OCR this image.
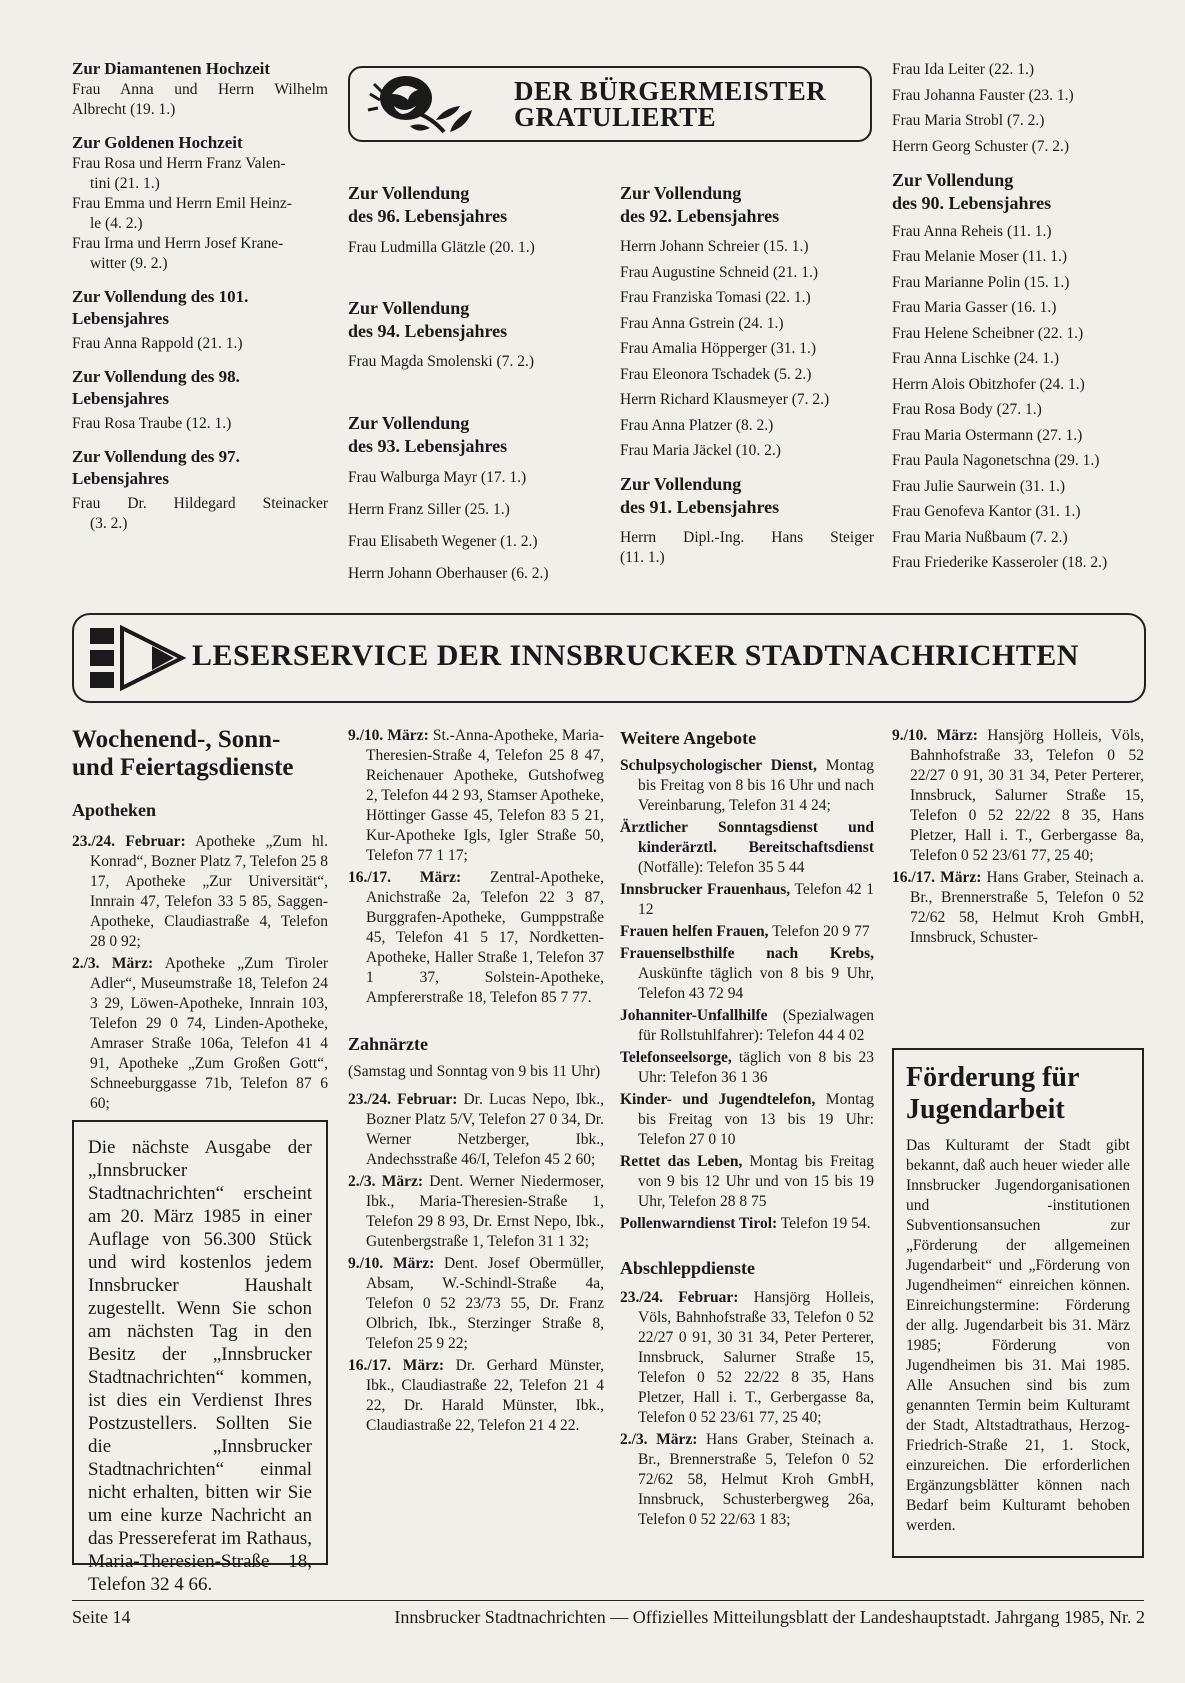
Zur Diamantenen Hochzeit
Frau Anna und Herrn Wilhelm
Albrecht (19. 1.)
Zur Goldenen Hochzeit
Frau Rosa und Herrn Franz Valen-
tini (21. 1.)
Frau Emma und Herrn Emil Heinz-
le (4. 2.)
Frau Irma und Herrn Josef Krane-
witter (9. 2.)
Zur Vollendung des 101. Lebensjahres
Frau Anna Rappold (21. 1.)
Zur Vollendung des 98. Lebensjahres
Frau Rosa Traube (12. 1.)
Zur Vollendung des 97. Lebensjahres
Frau Dr. Hildegard Steinacker
(3. 2.)
DER BÜRGERMEISTER
GRATULIERTE
Zur Vollendung
des 96. Lebensjahres
Frau Ludmilla Glätzle (20. 1.)
Zur Vollendung
des 94. Lebensjahres
Frau Magda Smolenski (7. 2.)
Zur Vollendung
des 93. Lebensjahres
Frau Walburga Mayr (17. 1.)
Herrn Franz Siller (25. 1.)
Frau Elisabeth Wegener (1. 2.)
Herrn Johann Oberhauser (6. 2.)
Zur Vollendung
des 92. Lebensjahres
Herrn Johann Schreier (15. 1.)
Frau Augustine Schneid (21. 1.)
Frau Franziska Tomasi (22. 1.)
Frau Anna Gstrein (24. 1.)
Frau Amalia Höpperger (31. 1.)
Frau Eleonora Tschadek (5. 2.)
Herrn Richard Klausmeyer (7. 2.)
Frau Anna Platzer (8. 2.)
Frau Maria Jäckel (10. 2.)
Zur Vollendung
des 91. Lebensjahres
Herrn Dipl.-Ing. Hans Steiger
(11. 1.)
Frau Ida Leiter (22. 1.)
Frau Johanna Fauster (23. 1.)
Frau Maria Strobl (7. 2.)
Herrn Georg Schuster (7. 2.)
Zur Vollendung
des 90. Lebensjahres
Frau Anna Reheis (11. 1.)
Frau Melanie Moser (11. 1.)
Frau Marianne Polin (15. 1.)
Frau Maria Gasser (16. 1.)
Frau Helene Scheibner (22. 1.)
Frau Anna Lischke (24. 1.)
Herrn Alois Obitzhofer (24. 1.)
Frau Rosa Body (27. 1.)
Frau Maria Ostermann (27. 1.)
Frau Paula Nagonetschna (29. 1.)
Frau Julie Saurwein (31. 1.)
Frau Genofeva Kantor (31. 1.)
Frau Maria Nußbaum (7. 2.)
Frau Friederike Kasseroler (18. 2.)
LESERSERVICE DER INNSBRUCKER STADTNACHRICHTEN
Wochenend-, Sonn-
und Feiertagsdienste
Apotheken

23./24. Februar: Apotheke „Zum hl. Konrad“, Bozner Platz 7, Telefon 25 8 17, Apotheke „Zur Universität“, Innrain 47, Telefon 33 5 85, Saggen-Apotheke, Claudiastraße 4, Telefon 28 0 92;

2./3. März: Apotheke „Zum Tiroler Adler“, Museumstraße 18, Telefon 24 3 29, Löwen-Apotheke, Innrain 103, Telefon 29 0 74, Linden-Apotheke, Amraser Straße 106a, Telefon 41 4 91, Apotheke „Zum Großen Gott“, Schneeburggasse 71b, Telefon 87 6 60;

Die nächste Ausgabe der „Innsbrucker Stadtnachrichten“ erscheint am 20. März 1985 in einer Auflage von 56.300 Stück und wird kostenlos jedem Innsbrucker Haushalt zugestellt. Wenn Sie schon am nächsten Tag in den Besitz der „Innsbrucker Stadtnachrichten“ kommen, ist dies ein Verdienst Ihres Postzustellers. Sollten Sie die „Innsbrucker Stadtnachrichten“ einmal nicht erhalten, bitten wir Sie um eine kurze Nachricht an das Pressereferat im Rathaus, Maria-Theresien-Straße 18, Telefon 32 4 66.

9./10. März: St.-Anna-Apotheke, Maria-Theresien-Straße 4, Telefon 25 8 47, Reichenauer Apotheke, Gutshofweg 2, Telefon 44 2 93, Stamser Apotheke, Höttinger Gasse 45, Telefon 83 5 21, Kur-Apotheke Igls, Igler Straße 50, Telefon 77 1 17;

16./17. März: Zentral-Apotheke, Anichstraße 2a, Telefon 22 3 87, Burggrafen-Apotheke, Gumppstraße 45, Telefon 41 5 17, Nordketten-Apotheke, Haller Straße 1, Telefon 37 1 37, Solstein-Apotheke, Ampfererstraße 18, Telefon 85 7 77.

Zahnärzte
(Samstag und Sonntag von 9 bis 11 Uhr)

23./24. Februar: Dr. Lucas Nepo, Ibk., Bozner Platz 5/V, Telefon 27 0 34, Dr. Werner Netzberger, Ibk., Andechsstraße 46/I, Telefon 45 2 60;

2./3. März: Dent. Werner Niedermoser, Ibk., Maria-Theresien-Straße 1, Telefon 29 8 93, Dr. Ernst Nepo, Ibk., Gutenbergstraße 1, Telefon 31 1 32;

9./10. März: Dent. Josef Obermüller, Absam, W.-Schindl-Straße 4a, Telefon 0 52 23/73 55, Dr. Franz Olbrich, Ibk., Sterzinger Straße 8, Telefon 25 9 22;

16./17. März: Dr. Gerhard Münster, Ibk., Claudiastraße 22, Telefon 21 4 22, Dr. Harald Münster, Ibk., Claudiastraße 22, Telefon 21 4 22.

Weitere Angebote

Schulpsychologischer Dienst, Montag bis Freitag von 8 bis 16 Uhr und nach Vereinbarung, Telefon 31 4 24;

Ärztlicher Sonntagsdienst und kinderärztl. Bereitschaftsdienst (Notfälle): Telefon 35 5 44

Innsbrucker Frauenhaus, Telefon 42 1 12

Frauen helfen Frauen, Telefon 20 9 77

Frauenselbsthilfe nach Krebs, Auskünfte täglich von 8 bis 9 Uhr, Telefon 43 72 94

Johanniter-Unfallhilfe (Spezialwagen für Rollstuhlfahrer): Telefon 44 4 02

Telefonseelsorge, täglich von 8 bis 23 Uhr: Telefon 36 1 36

Kinder- und Jugendtelefon, Montag bis Freitag von 13 bis 19 Uhr: Telefon 27 0 10

Rettet das Leben, Montag bis Freitag von 9 bis 12 Uhr und von 15 bis 19 Uhr, Telefon 28 8 75

Pollenwarndienst Tirol: Telefon 19 54.

Abschleppdienste

23./24. Februar: Hansjörg Holleis, Völs, Bahnhofstraße 33, Telefon 0 52 22/27 0 91, 30 31 34, Peter Perterer, Innsbruck, Salurner Straße 15, Telefon 0 52 22/22 8 35, Hans Pletzer, Hall i. T., Gerbergasse 8a, Telefon 0 52 23/61 77, 25 40;

2./3. März: Hans Graber, Steinach a. Br., Brennerstraße 5, Telefon 0 52 72/62 58, Helmut Kroh GmbH, Innsbruck, Schusterbergweg 26a, Telefon 0 52 22/63 1 83;

9./10. März: Hansjörg Holleis, Völs, Bahnhofstraße 33, Telefon 0 52 22/27 0 91, 30 31 34, Peter Perterer, Innsbruck, Salurner Straße 15, Telefon 0 52 22/22 8 35, Hans Pletzer, Hall i. T., Gerbergasse 8a, Telefon 0 52 23/61 77, 25 40;

16./17. März: Hans Graber, Steinach a. Br., Brennerstraße 5, Telefon 0 52 72/62 58, Helmut Kroh GmbH, Innsbruck, Schuster-

Förderung für
Jugendarbeit
Das Kulturamt der Stadt gibt bekannt, daß auch heuer wieder alle Innsbrucker Jugendorganisationen und -institutionen Subventionsansuchen zur „Förderung der allgemeinen Jugendarbeit“ und „Förderung von Jugendheimen“ einreichen können. Einreichungstermine: Förderung der allg. Jugendarbeit bis 31. März 1985; Förderung von Jugendheimen bis 31. Mai 1985. Alle Ansuchen sind bis zum genannten Termin beim Kulturamt der Stadt, Altstadtrathaus, Herzog-Friedrich-Straße 21, 1. Stock, einzureichen. Die erforderlichen Ergänzungsblätter können nach Bedarf beim Kulturamt behoben werden.
Seite 14	Innsbrucker Stadtnachrichten — Offizielles Mitteilungsblatt der Landeshauptstadt. Jahrgang 1985, Nr. 2
